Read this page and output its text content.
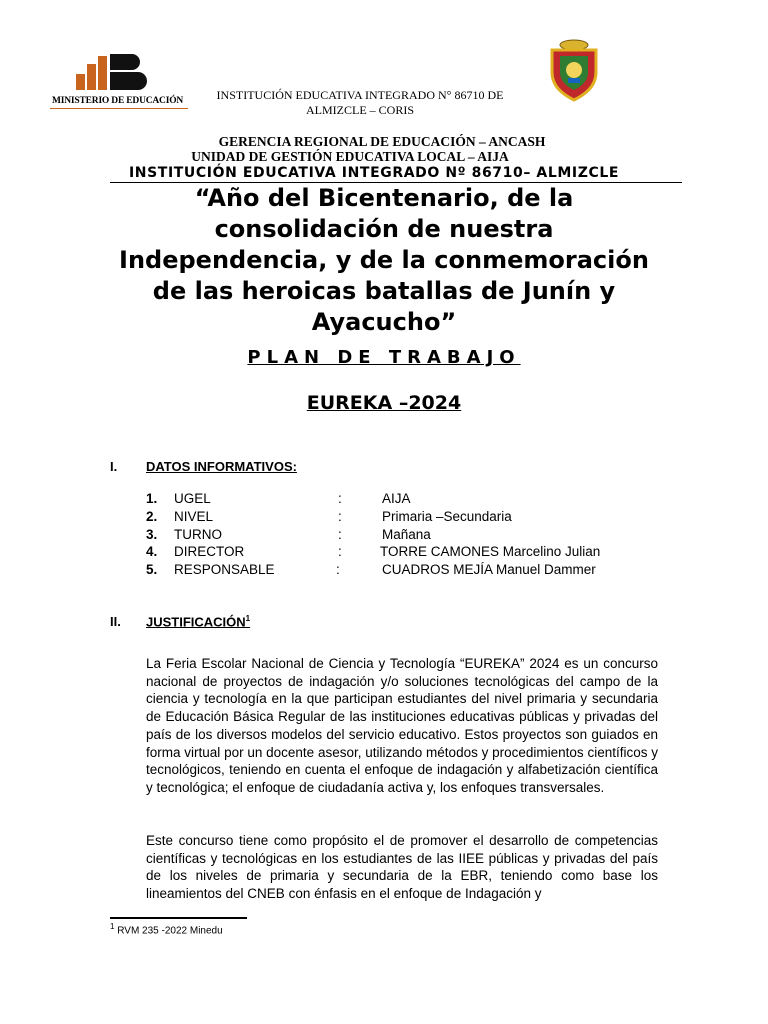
MINISTERIO DE EDUCACIÓN	INSTITUCIÓN EDUCATIVA INTEGRADO N° 86710 DE
ALMIZCLE – CORIS
GERENCIA REGIONAL DE EDUCACIÓN – ANCASH
UNIDAD DE GESTIÓN EDUCATIVA LOCAL – AIJA
INSTITUCIÓN EDUCATIVA INTEGRADO Nº 86710– ALMIZCLE
“Año del Bicentenario, de la consolidación de nuestra Independencia, y de la conmemoración de las heroicas batallas de Junín y Ayacucho”
PLAN DE TRABAJO
EUREKA –2024
I. DATOS INFORMATIVOS:
1. UGEL	:	AIJA
2. NIVEL	:	Primaria –Secundaria
3. TURNO	:	Mañana
4. DIRECTOR	:	TORRE CAMONES Marcelino Julian
5. RESPONSABLE	:	CUADROS MEJÍA Manuel Dammer
II. JUSTIFICACIÓN$^1$
La Feria Escolar Nacional de Ciencia y Tecnología “EUREKA” 2024 es un concurso nacional de proyectos de indagación y/o soluciones tecnológicas del campo de la ciencia y tecnología en la que participan estudiantes del nivel primaria y secundaria de Educación Básica Regular de las instituciones educativas públicas y privadas del país de los diversos modelos del servicio educativo. Estos proyectos son guiados en forma virtual por un docente asesor, utilizando métodos y procedimientos científicos y tecnológicos, teniendo en cuenta el enfoque de indagación y alfabetización científica y tecnológica; el enfoque de ciudadanía activa y, los enfoques transversales.
Este concurso tiene como propósito el de promover el desarrollo de competencias científicas y tecnológicas en los estudiantes de las IIEE públicas y privadas del país de los niveles de primaria y secundaria de la EBR, teniendo como base los lineamientos del CNEB con énfasis en el enfoque de Indagación y
$^1$ RVM 235 -2022 Minedu
